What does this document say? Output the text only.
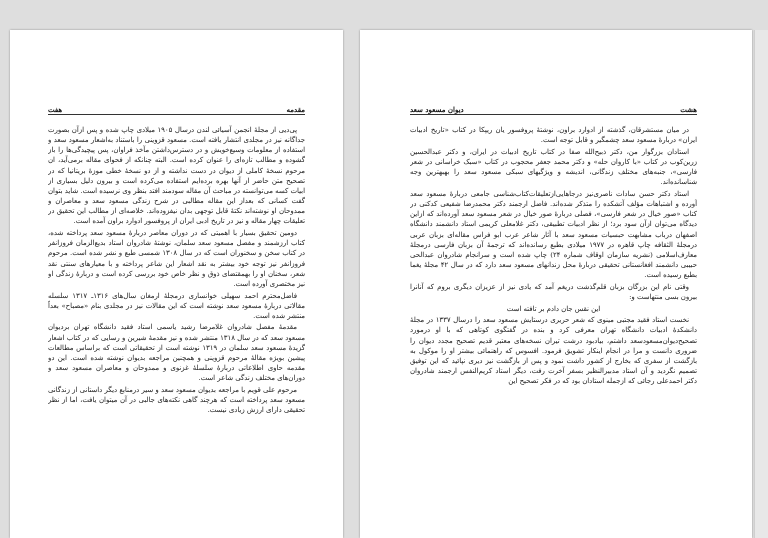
مقدمه
هفت

پی‌دیی از مجلهٔ انجمن آسیائی لندن درسال ۱۹۰۵ میلادی چاپ شده و پس ازآن بصورت جداگانه نیز در مجلدی انتشار یافته است. مسعود قزوینی را باستناد به‌اشعار مسعود سعد و استفاده از معلومات وسیع‌خویش و در دسترس‌داشتن مآخذ فراوان، پس پیچیدگی‌ها را باز گشوده و مطالب تازه‌ای را عنوان کرده است. البته چنانکه از فحوای مقاله برمی‌آید، ان مرحوم نسخهٔ کاملی از دیوان در دست نداشته و از دو نسخهٔ خطی موزهٔ بریتانیا که در تصحیح متن حاضر از آنها بهره برده‌ایم استفاده می‌کرده است و بیرون دلیل بسیاری از ابیات کسه می‌توانسته در مباحث آن مقاله سودمند افتد بنظر وی نرسیده است. شاید بتوان گفت کسانی که بعداز این مقاله مطالبی در شرح زندگی مسعود سعد و معاصران و ممدوحان او نوشته‌اند نکتهٔ قابل توجهی بدان نیفزوده‌اند. خلاصه‌ای از مطالب این تحقیق در تعلیقات چهار مقاله و نیز در تاریخ ادبی ایران از پروفسور ادوارد براون آمده است.

دومین تحقیق بسیار با اهمیتی که در دوران معاصر دربارهٔ مسعود سعد پرداخته شده، کتاب ارزشمند و مفصل مسعود سعد سلمان، نوشتهٔ شادروان استاد بدیع‌الزمان فروزانفر در کتاب سخن و سخنوران است که در سال ۱۳۰۸ شمسی طبع و نشر شده است. مرحوم فروزانفر نیز توجه خود بیشتر به نقد اشعار این شاعر پرداخته و با معیارهای سنتی نقد شعر، سخنان او را بهمقتضای ذوق و نظر خاص خود بررسی کرده است و دربارهٔ زندگی او نیز مختصری آورده است.

فاضل‌محترم احمد سهیلی خوانساری درمجلهٔ ارمغان سال‌های ۱۳۱۶ـ ۱۳۱۷ سلسله مقالاتی دربارهٔ مسعود سعد نوشته است که این مقالات نیز در مجلدی بنام «مصباح» بعداً منتشر شده است.

مقدمهٔ مفصل شادروان غلامرضا رشید یاسمی استاد فقید دانشگاه تهران بردیوان مسعود سعد که در سال ۱۳۱۸ منتشر شده و نیز مقدمهٔ شیرین و رسایی که در کتاب اشعار گزیدهٔ مسعود سعد سلمان در ۱۳۱۹ نوشته است از تحقیقاتی است که براساس مطالعات پیشین بویژه مقالهٔ مرحوم قزوینی و همچنین مراجعه بدیوان نوشته شده است. این دو مقدمه حاوی اطلاعاتی دربارهٔ سلسلهٔ غزنوی و ممدوحان و معاصران مسعود سعد و دوران‌های مختلف زندگی شاعر است.

مرحوم علی قویم با مراجعه بدیوان مسعود سعد و سیر درمنابع دیگر داستانی از زندگانی مسعود سعد پرداخته است که هرچند گاهی نکته‌های جالبی در آن میتوان یافت، اما از نظر تحقیقی دارای ارزش زیادی نیست.

هشت
دیوان مسعود سعد

در میان مستشرقان، گذشته از ادوارد براون، نوشتهٔ پروفسور یان ریپکا در کتاب «تاریخ ادبیات ایران» دربارهٔ مسعود سعد چشمگیر و قابل توجه است.

استادان بزرگوار من، دکتر ذبیح‌الله صفا در کتاب تاریخ ادبیات در ایران، و دکتر عبدالحسین زرین‌کوب در کتاب «با کاروان حله» و دکتر محمد جعفر محجوب در کتاب «سبک خراسانی در شعر فارسی»، جنبه‌های مختلف زندگانی، اندیشه و ویژگیهای سبکی مسعود سعد را بهبهترین وجه شناسانده‌اند.

استاد دکتر حسن سادات ناصری‌نیز درجاهایی‌ازتعلیقات‌کتاب‌شناسی جامعی دربارهٔ مسعود سعد آورده و اشتباهات مؤلف آتشکده را متذکر شده‌اند. فاضل ارجمند دکتر محمدرضا شفیعی کدکنی در کتاب «صور خیال در شعر فارسی»، فصلی دربارهٔ صور خیال در شعر مسعود سعد آورده‌اند که ازاین دیدگاه می‌توان ازآن سود برد؛ از نظر ادبیات تطبیقی، دکتر غلامعلی کریمی استاد دانشمند دانشگاه اصفهان درباب مشابهت حبسیات مسعود سعد با آثار شاعر عرب ابو فراس مقاله‌ای بزبان عربی درمجلهٔ الثقافه چاپ قاهره در ۱۹۷۷ میلادی بطبع رسانده‌اند که ترجمهٔ آن بزبان فارسی درمجلهٔ معارف‌اسلامی (نشریه سازمان اوقاف شماره ۲۴) چاپ شده است و سرانجام شادروان عبدالحی حبیبی دانشمند افغانستانی تحقیقی دربارهٔ محل زندانهای مسعود سعد دارد که در سال ۴۲ مجلهٔ یغما بطبع رسیده است.

وقتی نام این بزرگان بزبان قلم‌گذشت دریغم آمد که یادی نیز از عزیزان دیگری بروم که آنانرا بیرون بسی منتهاست و:

این نقس جان دادم بر تافته است

نخست استاد فقید مجتبی مینوی که شعر حریری درستایش مسعود سعد را درسال ۱۳۳۷ در مجلهٔ دانشکدهٔ ادبیات دانشگاه تهران معرفی کرد و بنده در گفتگوی کوتاهی که با او درمورد تصحیح‌دیوان‌مسعود‌سعد داشتم، بیادبود درشت تیران نسخه‌های معتبر قدیم تصحیح مجدد دیوان را ضروری دانست و مرا در انجام اینکار تشویق فرمود. افسوس که راهنمائی بیشتر او را موکول به بازگشت از سفری که بخارج از کشور داشت نمود و پس از بازگشت نیز دیری نپائید که این توفیق تصمیم نگردید و آن استاد مدبیرالنظیر بسفر آخرت رفت، دیگر استاد کریم‌النفس ارجمند شادروان دکتر احمدعلی رجائی که ازجمله استادان بود که در فکر تصحیح این
